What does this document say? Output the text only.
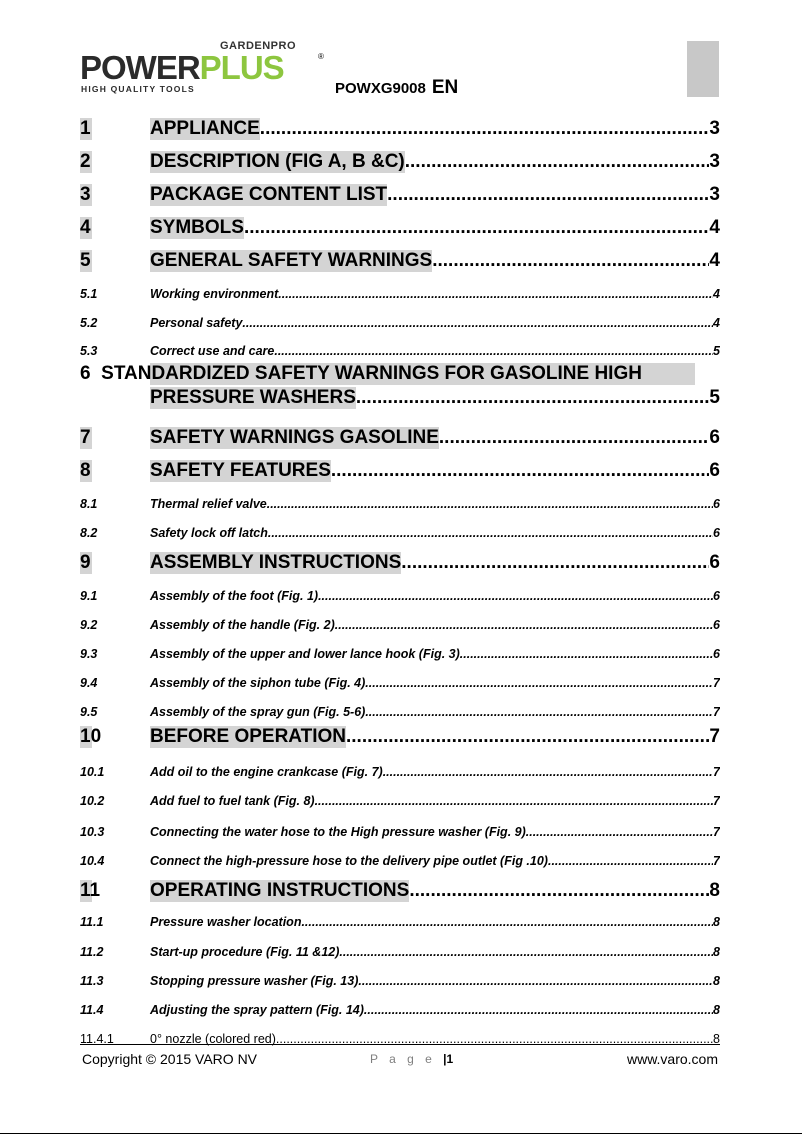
GARDENPRO
POWERPLUS	®
HIGH QUALITY TOOLS	POWXG9008 EN
6 STANDARDIZED SAFETY WARNINGS FOR GASOLINE HIGH
PRESSURE WASHERS .....	5
1	APPLIANCE .....	3
2	DESCRIPTION (FIG A, B &C) .....	3
3	PACKAGE CONTENT LIST .....	3
4	SYMBOLS .....	4
5	GENERAL SAFETY WARNINGS .....	4
5.1	Working environment .....	4
5.2	Personal safety .....	4
5.3	Correct use and care .....	5
7	SAFETY WARNINGS GASOLINE .....	6
8	SAFETY FEATURES .....	6
8.1	Thermal relief valve .....	6
8.2	Safety lock off latch .....	6
9	ASSEMBLY INSTRUCTIONS .....	6
9.1	Assembly of the foot (Fig. 1) .....	6
9.2	Assembly of the handle (Fig. 2) .....	6
9.3	Assembly of the upper and lower lance hook (Fig. 3) .....	6
9.4	Assembly of the siphon tube (Fig. 4) .....	7
9.5	Assembly of the spray gun (Fig. 5-6) .....	7
10	BEFORE OPERATION .....	7
10.1	Add oil to the engine crankcase (Fig. 7) .....	7
10.2	Add fuel to fuel tank (Fig. 8) .....	7
10.3	Connecting the water hose to the High pressure washer (Fig. 9) .....	7
10.4	Connect the high-pressure hose to the delivery pipe outlet (Fig .10) .....	7
11	OPERATING INSTRUCTIONS .....	8
11.1	Pressure washer location .....	8
11.2	Start-up procedure (Fig. 11 &12) .....	8
11.3	Stopping pressure washer (Fig. 13) .....	8
11.4	Adjusting the spray pattern (Fig. 14) .....	8
11.4.1	0° nozzle (colored red) .....	8
Copyright © 2015 VARO NV	P a g e |1	www.varo.com
